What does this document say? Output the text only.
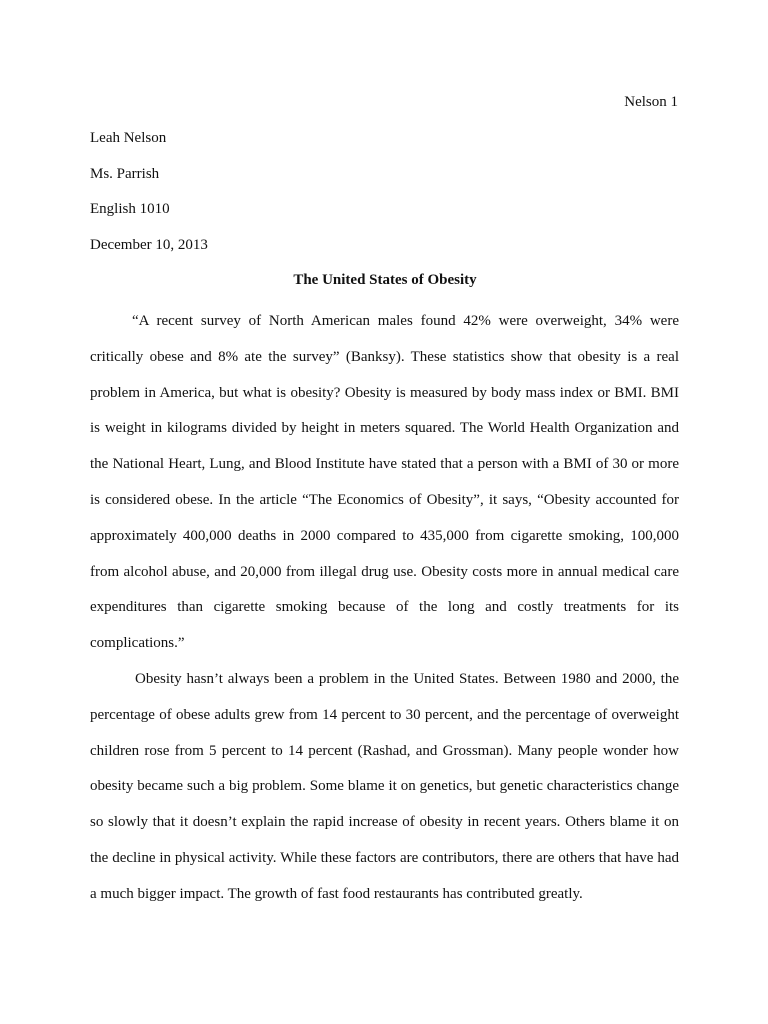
Nelson 1
Leah Nelson
Ms. Parrish
English 1010
December 10, 2013
The United States of Obesity

“A recent survey of North American males found 42% were overweight, 34% were critically obese and 8% ate the survey” (Banksy). These statistics show that obesity is a real problem in America, but what is obesity? Obesity is measured by body mass index or BMI. BMI is weight in kilograms divided by height in meters squared. The World Health Organization and the National Heart, Lung, and Blood Institute have stated that a person with a BMI of 30 or more is considered obese. In the article “The Economics of Obesity”, it says, “Obesity accounted for approximately 400,000 deaths in 2000 compared to 435,000 from cigarette smoking, 100,000 from alcohol abuse, and 20,000 from illegal drug use. Obesity costs more in annual medical care expenditures than cigarette smoking because of the long and costly treatments for its complications.”

Obesity hasn’t always been a problem in the United States. Between 1980 and 2000, the percentage of obese adults grew from 14 percent to 30 percent, and the percentage of overweight children rose from 5 percent to 14 percent (Rashad, and Grossman). Many people wonder how obesity became such a big problem. Some blame it on genetics, but genetic characteristics change so slowly that it doesn’t explain the rapid increase of obesity in recent years. Others blame it on the decline in physical activity. While these factors are contributors, there are others that have had a much bigger impact. The growth of fast food restaurants has contributed greatly.
